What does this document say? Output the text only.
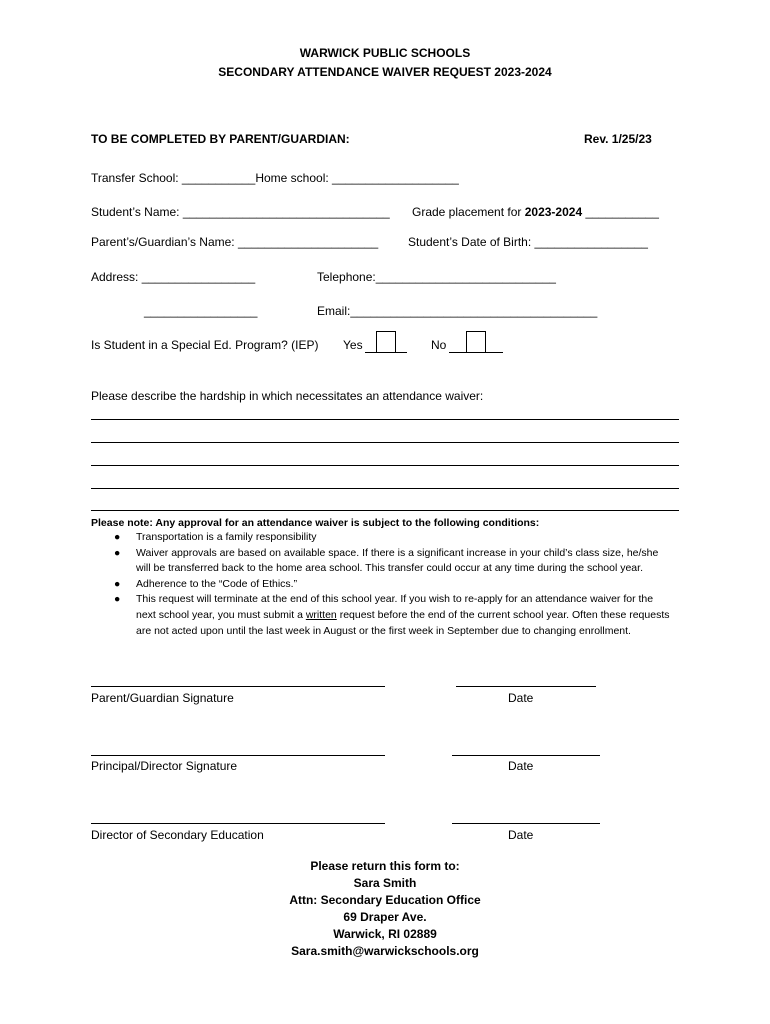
WARWICK PUBLIC SCHOOLS
SECONDARY ATTENDANCE WAIVER REQUEST 2023-2024
TO BE COMPLETED BY PARENT/GUARDIAN:	Rev. 1/25/23
Transfer School: ___________Home school: ___________________
Student’s Name: _______________________________ Grade placement for 2023-2024 ___________
Parent’s/Guardian’s Name: _____________________ Student’s Date of Birth: _________________
Address: _________________	Telephone:___________________________
_________________	Email:_____________________________________
Is Student in a Special Ed. Program? (IEP) Yes	No
Please describe the hardship in which necessitates an attendance waiver:
Please note: Any approval for an attendance waiver is subject to the following conditions:
● Transportation is a family responsibility
● Waiver approvals are based on available space. If there is a significant increase in your child’s class size, he/she will be transferred back to the home area school. This transfer could occur at any time during the school year.
● Adherence to the “Code of Ethics.”
● This request will terminate at the end of this school year. If you wish to re-apply for an attendance waiver for the next school year, you must submit a written request before the end of the current school year. Often these requests are not acted upon until the last week in August or the first week in September due to changing enrollment.
Parent/Guardian Signature	Date
Principal/Director Signature	Date
Director of Secondary Education	Date
Please return this form to:
Sara Smith
Attn: Secondary Education Office
69 Draper Ave.
Warwick, RI 02889
Sara.smith@warwickschools.org
